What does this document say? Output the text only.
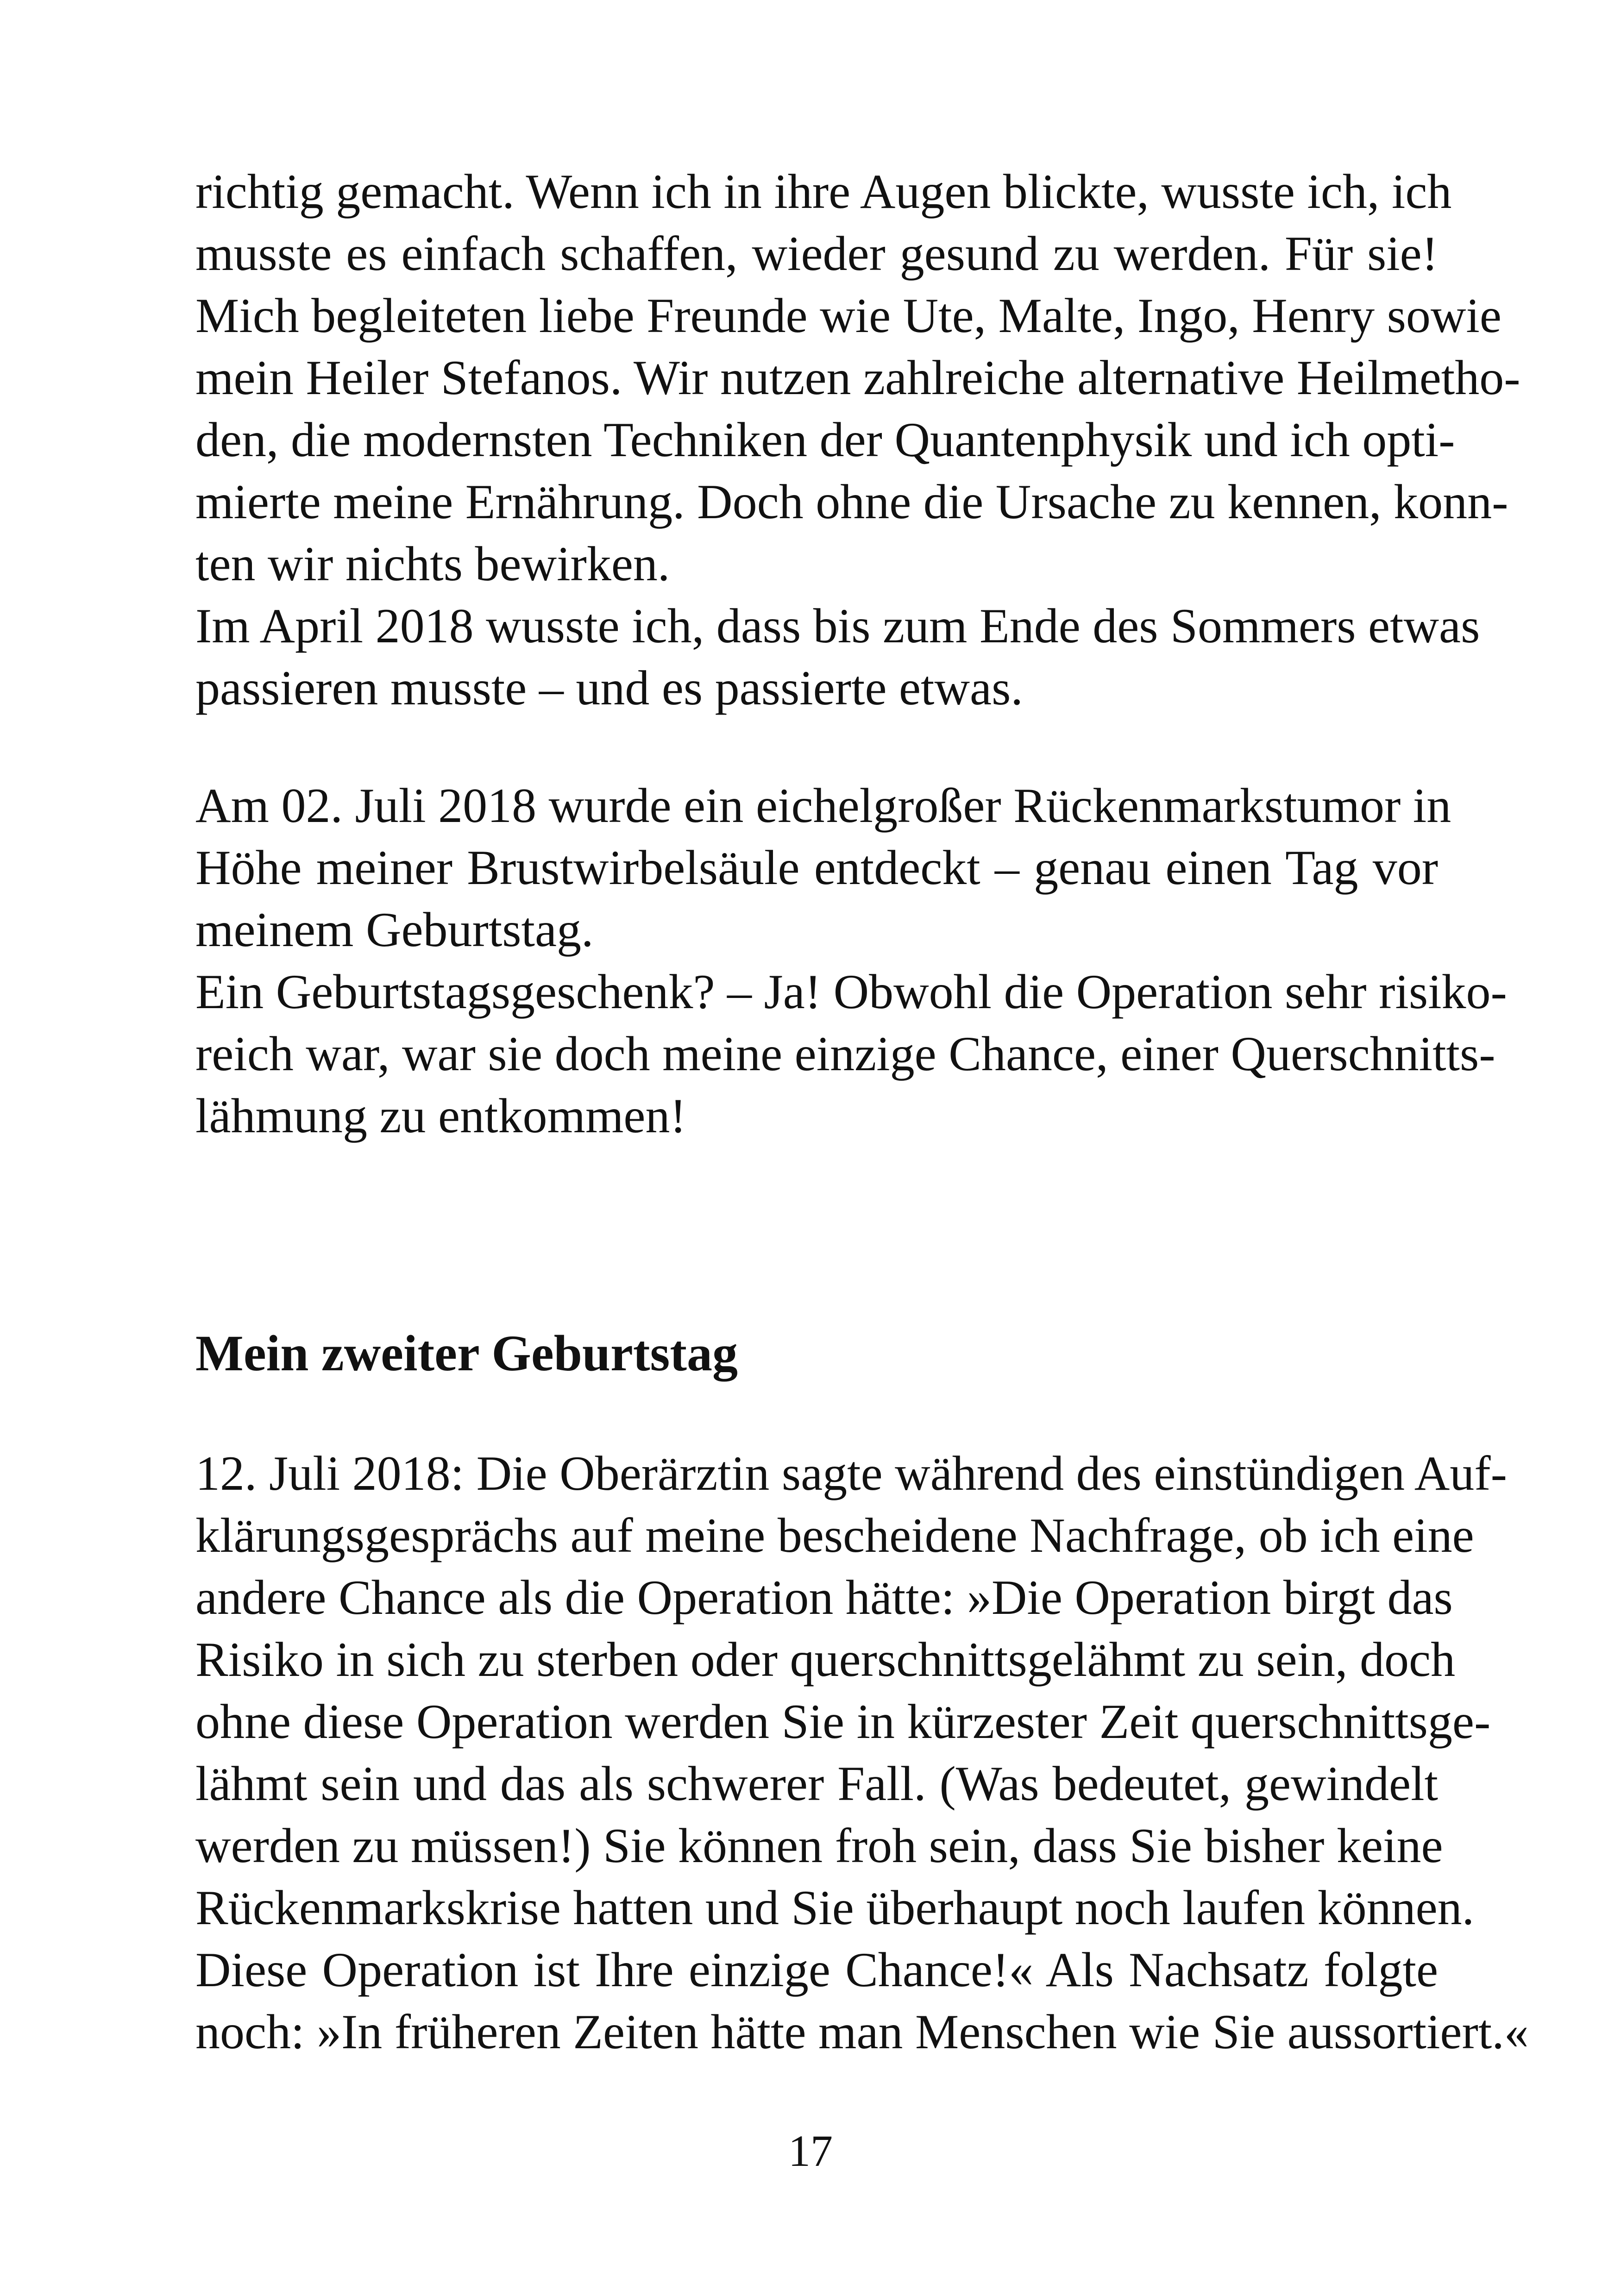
richtig gemacht. Wenn ich in ihre Augen blickte, wusste ich, ich

musste es einfach schaffen, wieder gesund zu werden. Für sie!

Mich begleiteten liebe Freunde wie Ute, Malte, Ingo, Henry sowie

mein Heiler Stefanos. Wir nutzen zahlreiche alternative Heilmetho-

den, die modernsten Techniken der Quantenphysik und ich opti-

mierte meine Ernährung. Doch ohne die Ursache zu kennen, konn-

ten wir nichts bewirken.

Im April 2018 wusste ich, dass bis zum Ende des Sommers etwas

passieren musste – und es passierte etwas.

Am 02. Juli 2018 wurde ein eichelgroßer Rückenmarkstumor in

Höhe meiner Brustwirbelsäule entdeckt – genau einen Tag vor

meinem Geburtstag.

Ein Geburtstagsgeschenk? – Ja! Obwohl die Operation sehr risiko-

reich war, war sie doch meine einzige Chance, einer Querschnitts-

lähmung zu entkommen!

Mein zweiter Geburtstag

12. Juli 2018: Die Oberärztin sagte während des einstündigen Auf-

klärungsgesprächs auf meine bescheidene Nachfrage, ob ich eine

andere Chance als die Operation hätte: »Die Operation birgt das

Risiko in sich zu sterben oder querschnittsgelähmt zu sein, doch

ohne diese Operation werden Sie in kürzester Zeit querschnittsge-

lähmt sein und das als schwerer Fall. (Was bedeutet, gewindelt

werden zu müssen!) Sie können froh sein, dass Sie bisher keine

Rückenmarkskrise hatten und Sie überhaupt noch laufen können.

Diese Operation ist Ihre einzige Chance!« Als Nachsatz folgte

noch: »In früheren Zeiten hätte man Menschen wie Sie aussortiert.«

17
